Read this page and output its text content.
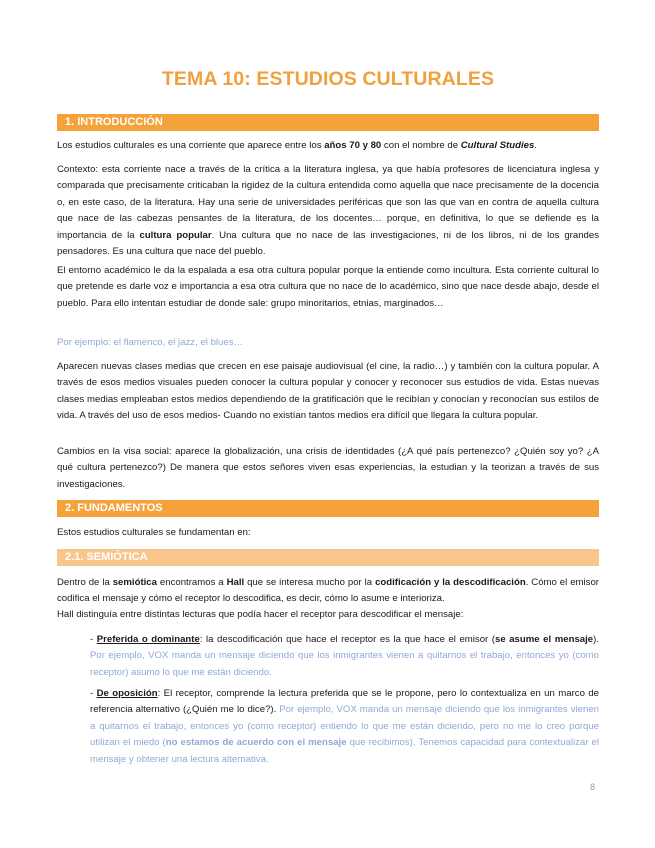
TEMA 10: ESTUDIOS CULTURALES
1. INTRODUCCIÓN

Los estudios culturales es una corriente que aparece entre los años 70 y 80 con el nombre de Cultural Studies.

Contexto: esta corriente nace a través de la crítica a la literatura inglesa, ya que había profesores de licenciatura inglesa y comparada que precisamente criticaban la rigidez de la cultura entendida como aquella que nace precisamente de la docencia o, en este caso, de la literatura. Hay una serie de universidades periféricas que son las que van en contra de aquella cultura que nace de las cabezas pensantes de la literatura, de los docentes… porque, en definitiva, lo que se defiende es la importancia de la cultura popular. Una cultura que no nace de las investigaciones, ni de los libros, ni de los grandes pensadores. Es una cultura que nace del pueblo.

El entorno académico le da la espalada a esa otra cultura popular porque la entiende como incultura. Esta corriente cultural lo que pretende es darle voz e importancia a esa otra cultura que no nace de lo académico, sino que nace desde abajo, desde el pueblo. Para ello intentan estudiar de donde sale: grupo minoritarios, etnias, marginados…

Por ejemplo: el flamenco, el jazz, el blues…

Aparecen nuevas clases medias que crecen en ese paisaje audiovisual (el cine, la radio…) y también con la cultura popular. A través de esos medios visuales pueden conocer la cultura popular y conocer y reconocer sus estudios de vida. Estas nuevas clases medias empleaban estos medios dependiendo de la gratificación que le recibían y conocían y reconocían sus estilos de vida. A través del uso de esos medios- Cuando no existían tantos medios era difícil que llegara la cultura popular.

Cambios en la visa social: aparece la globalización, una crisis de identidades (¿A qué país pertenezco? ¿Quién soy yo? ¿A qué cultura pertenezco?) De manera que estos señores viven esas experiencias, la estudian y la teorizan a través de sus investigaciones.

2. FUNDAMENTOS

Estos estudios culturales se fundamentan en:

2.1. SEMIÓTICA

Dentro de la semiótica encontramos a Hall que se interesa mucho por la codificación y la descodificación. Cómo el emisor codifica el mensaje y cómo el receptor lo descodifica, es decir, cómo lo asume e interioriza.

Hall distinguía entre distintas lecturas que podía hacer el receptor para descodificar el mensaje:

- Preferida o dominante: la descodificación que hace el receptor es la que hace el emisor (se asume el mensaje). Por ejemplo, VOX manda un mensaje diciendo que los inmigrantes vienen a quitarnos el trabajo, entonces yo (como receptor) asumo lo que me están diciendo.

- De oposición: El receptor, comprende la lectura preferida que se le propone, pero lo contextualiza en un marco de referencia alternativo (¿Quién me lo dice?). Por ejemplo, VOX manda un mensaje diciendo que los inmigrantes vienen a quitarnos el trabajo, entonces yo (como receptor) entiendo lo que me están diciendo, pero no me lo creo porque utilizan el miedo (no estamos de acuerdo con el mensaje que recibimos). Tenemos capacidad para contextualizar el mensaje y obtener una lectura alternativa.

8
